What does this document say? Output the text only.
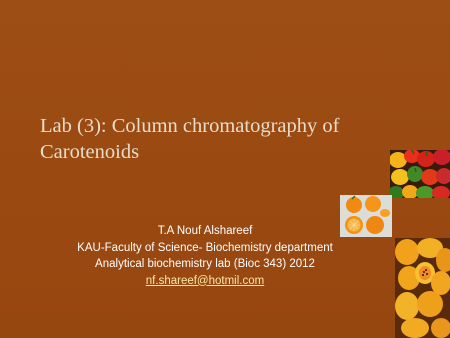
Lab (3): Column chromatography of
Carotenoids
T.A Nouf Alshareef
KAU-Faculty of Science- Biochemistry department
Analytical biochemistry lab (Bioc 343) 2012
nf.shareef@hotmil.com
